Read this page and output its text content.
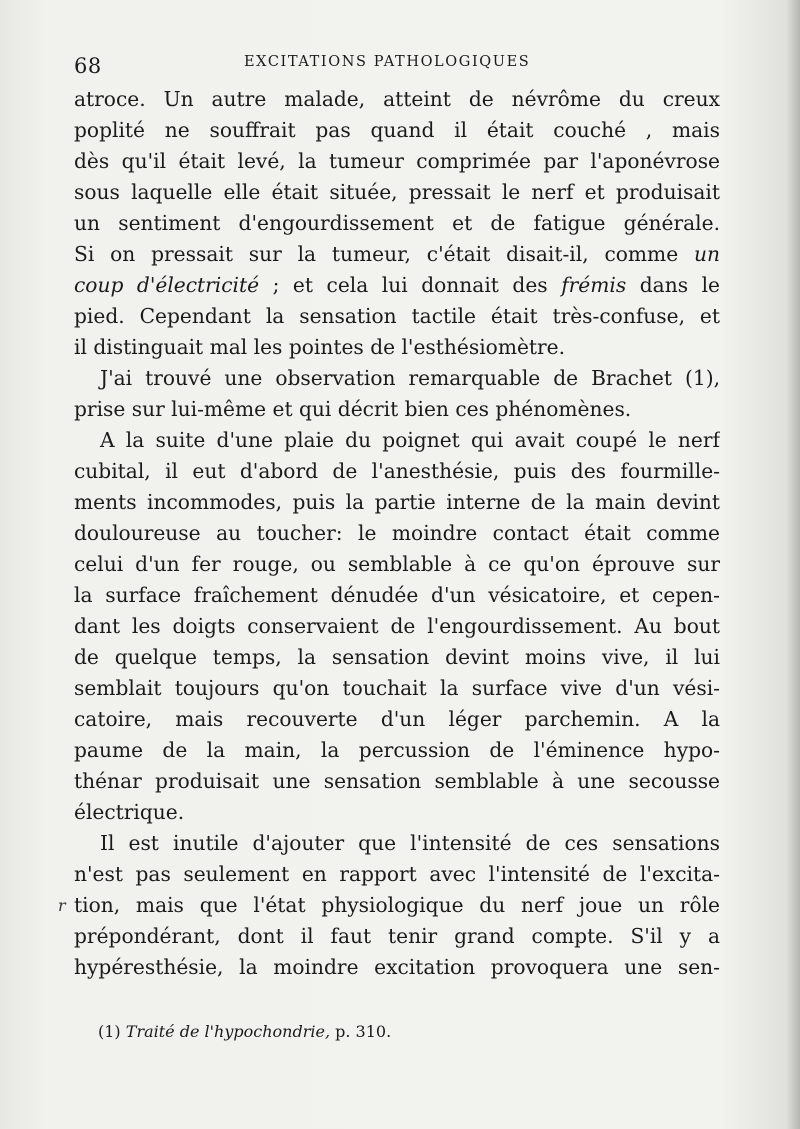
68	EXCITATIONS PATHOLOGIQUES
atroce. Un autre malade, atteint de névrôme du creux
poplité ne souffrait pas quand il était couché , mais
dès qu'il était levé, la tumeur comprimée par l'aponévrose
sous laquelle elle était située, pressait le nerf et produisait
un sentiment d'engourdissement et de fatigue générale.
Si on pressait sur la tumeur, c'était disait-il, comme un
coup d'électricité ; et cela lui donnait des frémis dans le
pied. Cependant la sensation tactile était très-confuse, et
il distinguait mal les pointes de l'esthésiomètre.
J'ai trouvé une observation remarquable de Brachet (1),
prise sur lui-même et qui décrit bien ces phénomènes.
A la suite d'une plaie du poignet qui avait coupé le nerf
cubital, il eut d'abord de l'anesthésie, puis des fourmille-
ments incommodes, puis la partie interne de la main devint
douloureuse au toucher: le moindre contact était comme
celui d'un fer rouge, ou semblable à ce qu'on éprouve sur
la surface fraîchement dénudée d'un vésicatoire, et cepen-
dant les doigts conservaient de l'engourdissement. Au bout
de quelque temps, la sensation devint moins vive, il lui
semblait toujours qu'on touchait la surface vive d'un vési-
catoire, mais recouverte d'un léger parchemin. A la
paume de la main, la percussion de l'éminence hypo-
thénar produisait une sensation semblable à une secousse
électrique.
Il est inutile d'ajouter que l'intensité de ces sensations
n'est pas seulement en rapport avec l'intensité de l'excita-
tion, mais que l'état physiologique du nerf joue un rôle
prépondérant, dont il faut tenir grand compte. S'il y a
hypéresthésie, la moindre excitation provoquera une sen-
r
(1) Traité de l'hypochondrie, p. 310.
